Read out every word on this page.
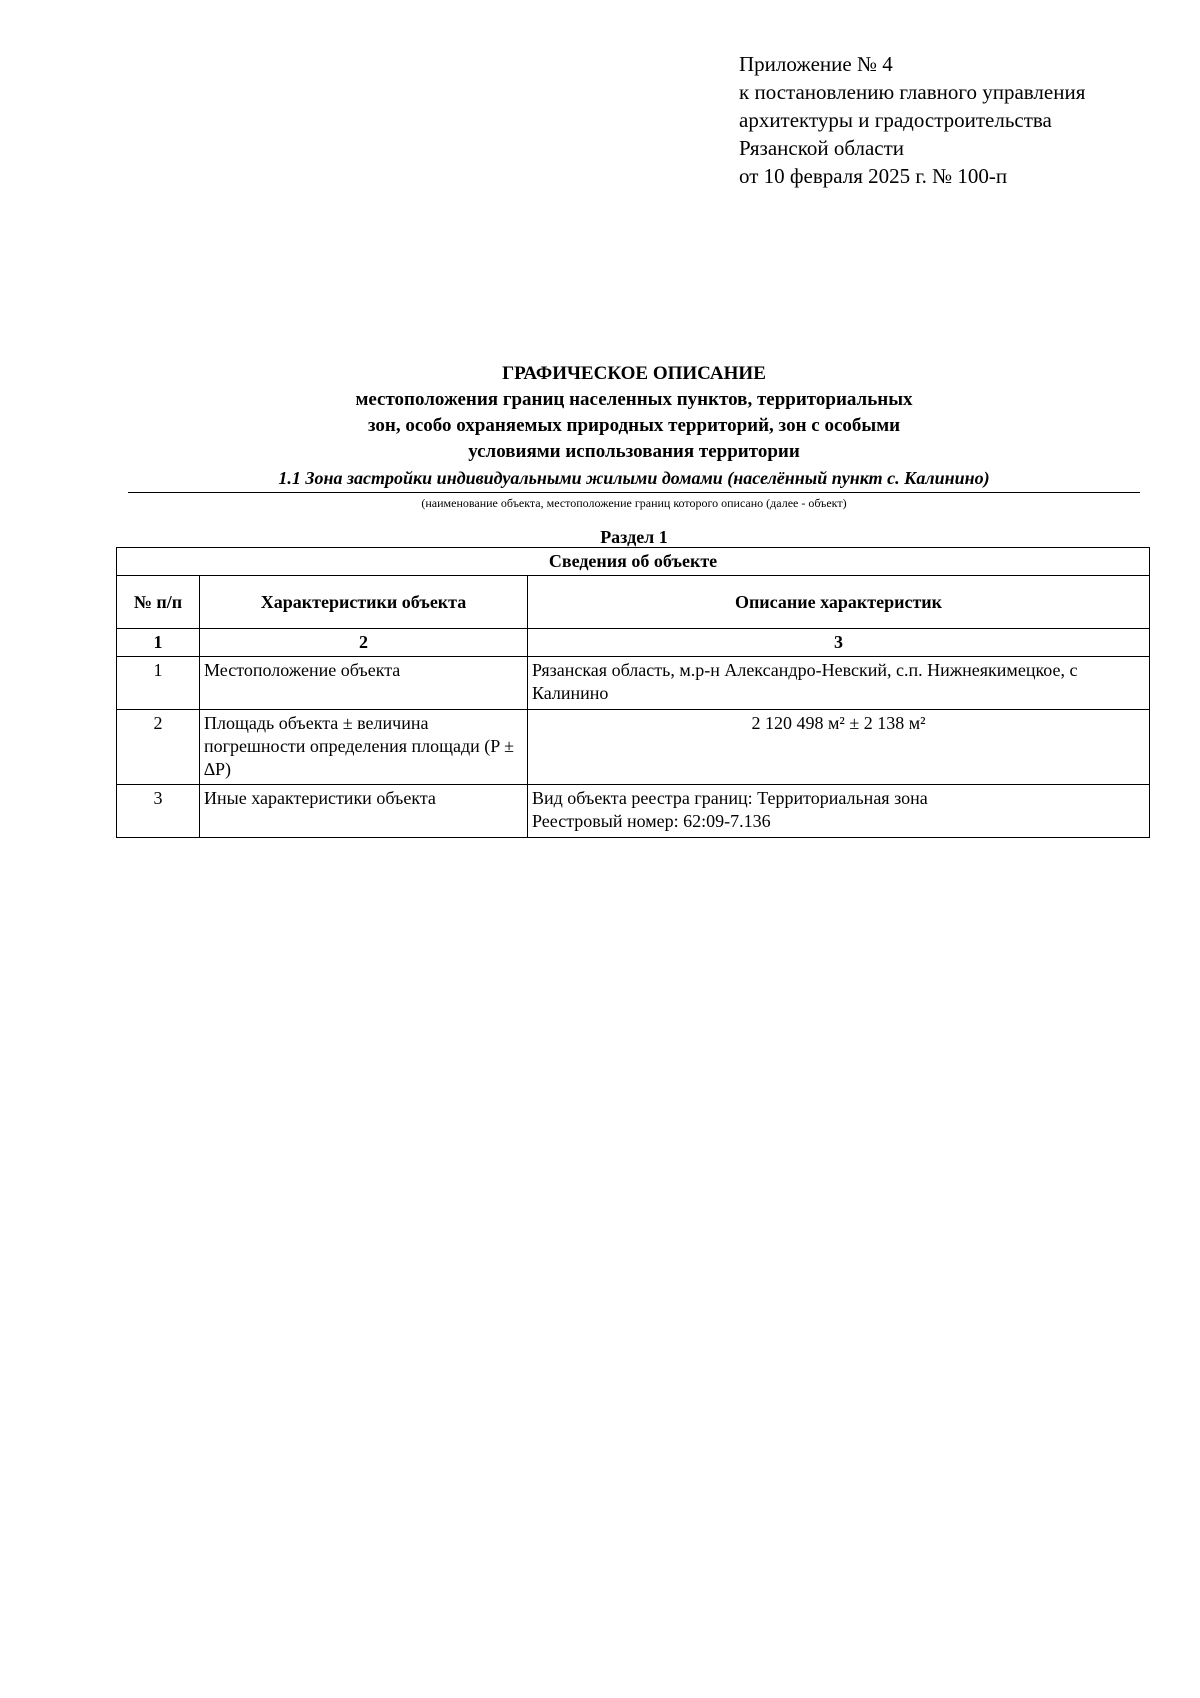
Приложение № 4
к постановлению главного управления
архитектуры и градостроительства
Рязанской области
от 10 февраля 2025 г. № 100-п
ГРАФИЧЕСКОЕ ОПИСАНИЕ
местоположения границ населенных пунктов, территориальных
зон, особо охраняемых природных территорий, зон с особыми
условиями использования территории
1.1 Зона застройки индивидуальными жилыми домами (населённый пункт с. Калинино)
(наименование объекта, местоположение границ которого описано (далее - объект)
Раздел 1
Сведения об объекте		
№ п/п	Характеристики объекта	Описание характеристик
1	2	3
1	Местоположение объекта	Рязанская область, м.р-н Александро-Невский, с.п. Нижнеякимецкое, с Калинино
2	Площадь объекта ± величина погрешности определения площади (P ± ∆P)	2 120 498 м² ± 2 138 м²
3	Иные характеристики объекта	Вид объекта реестра границ: Территориальная зона
Реестровый номер: 62:09-7.136
